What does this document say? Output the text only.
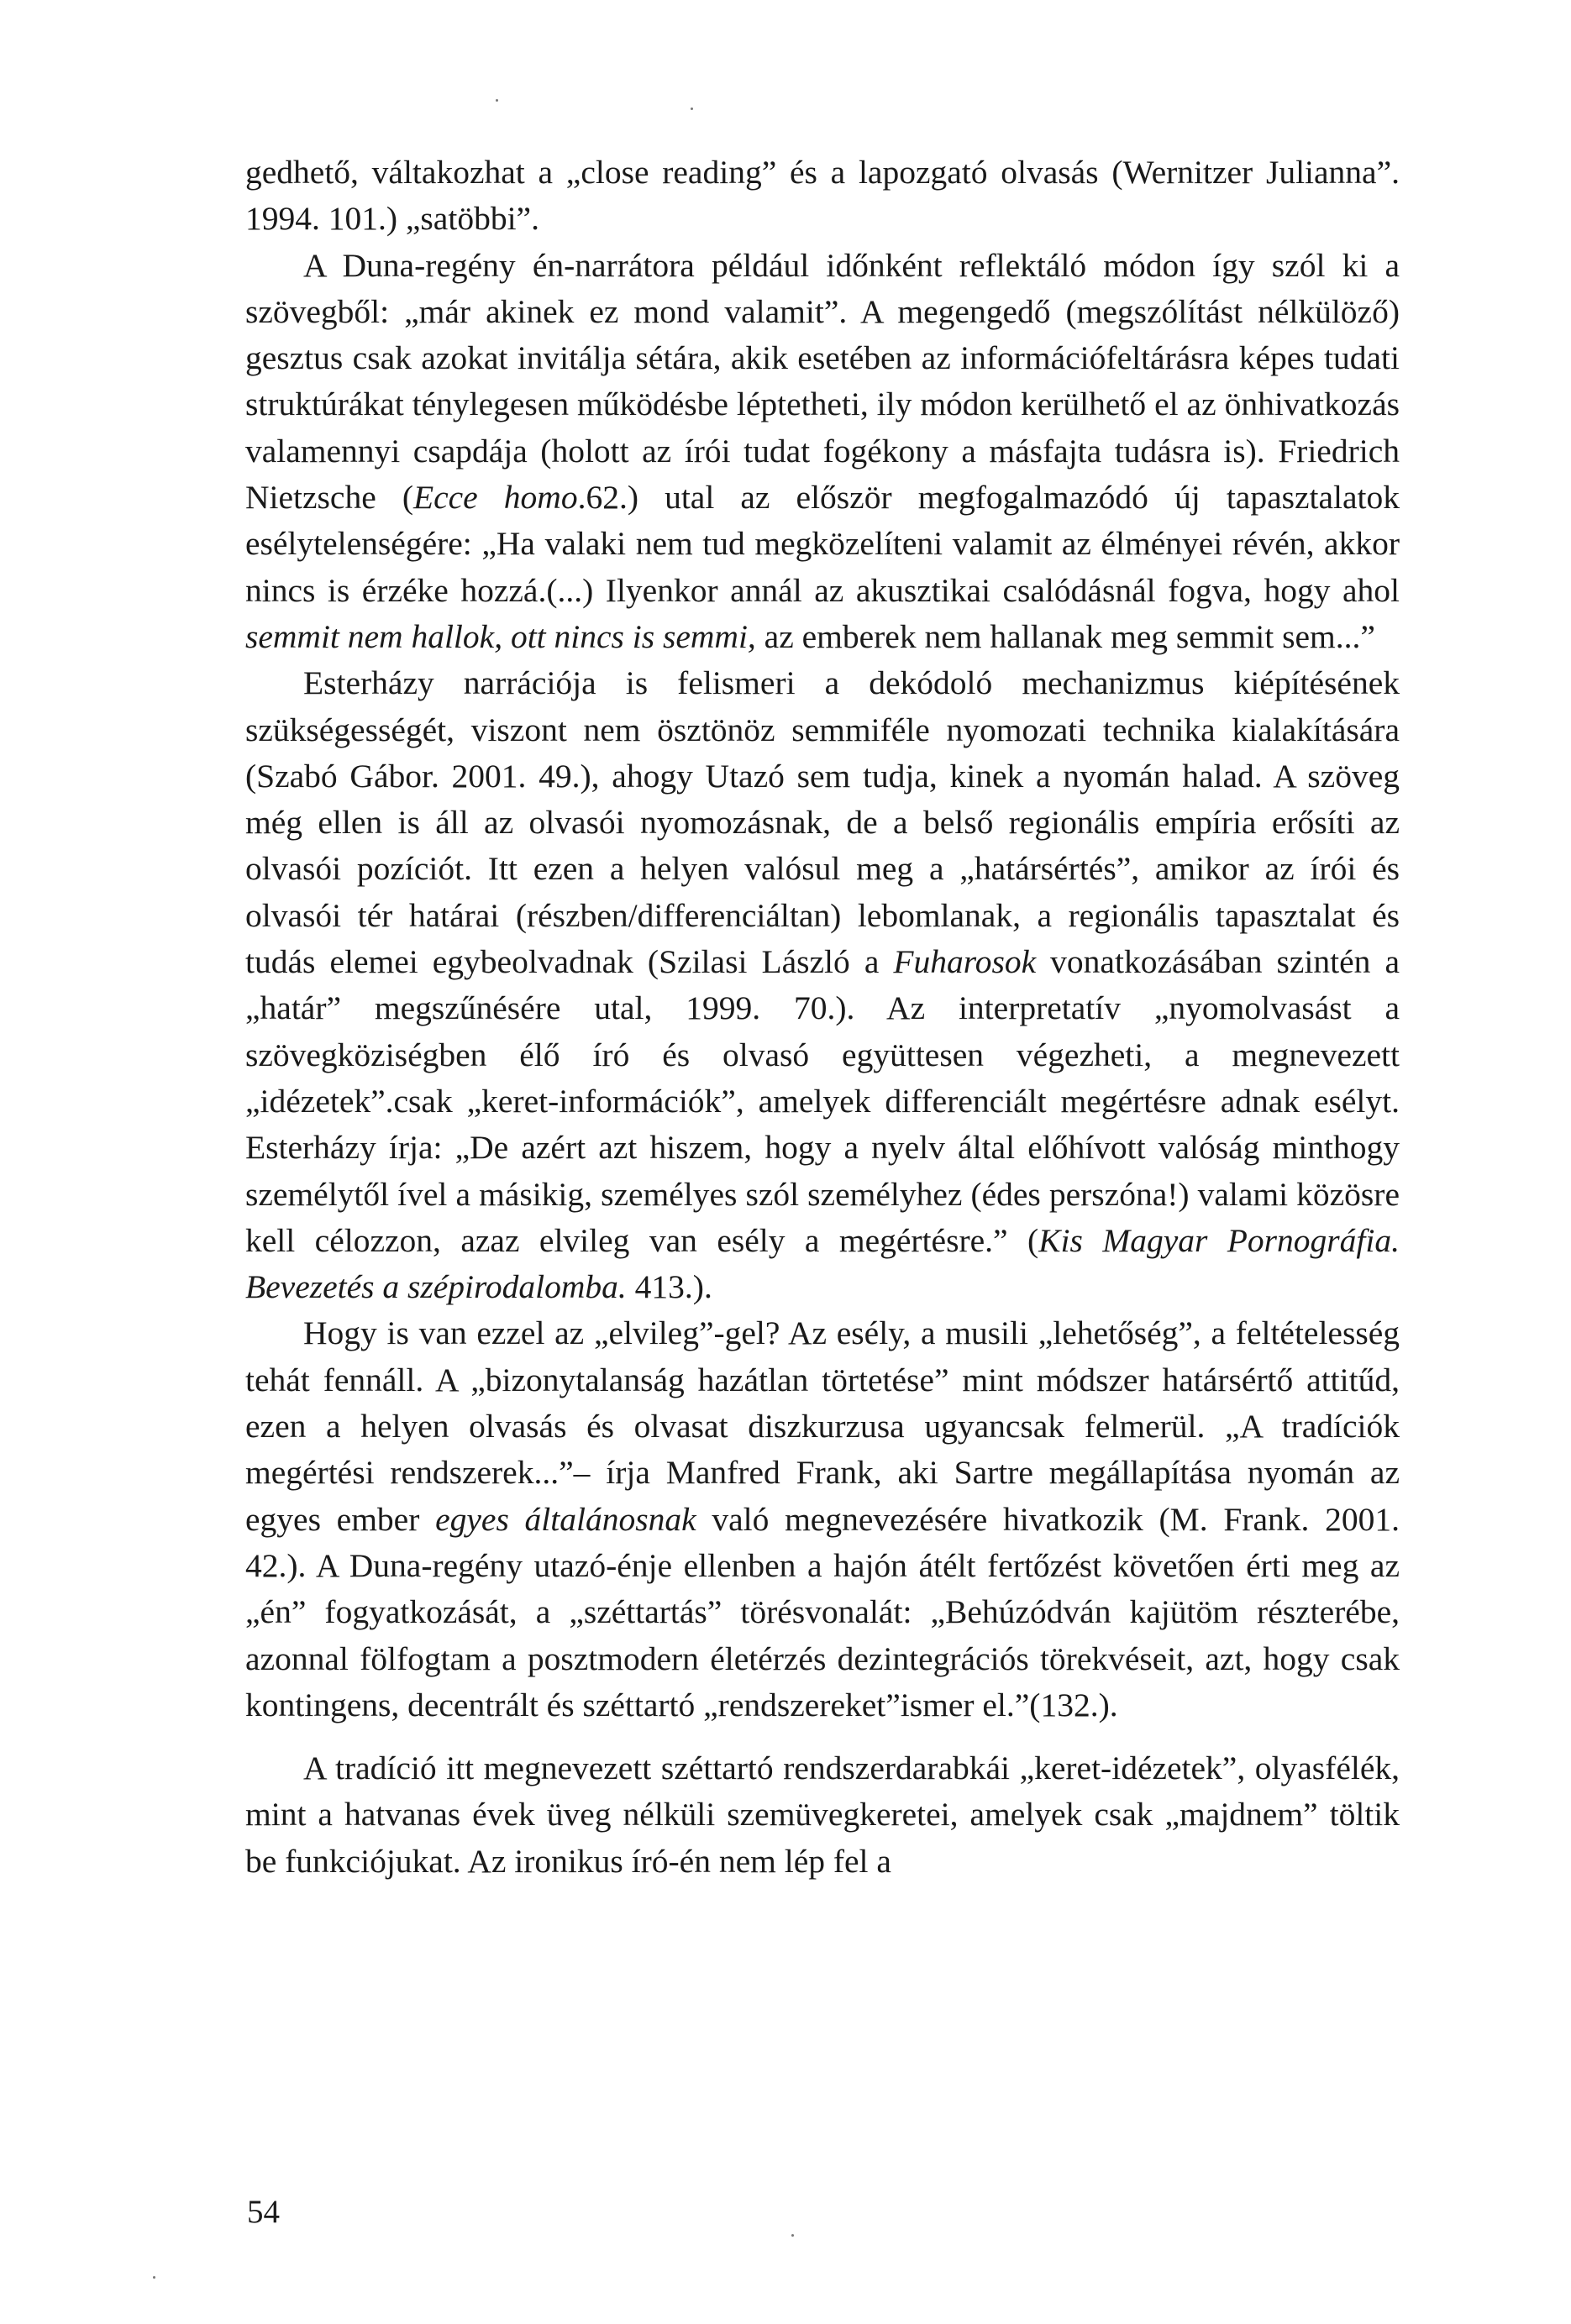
gedhető, váltakozhat a „close reading” és a lapozgató olvasás (Wernitzer Julianna”. 1994. 101.) „satöbbi”.

A Duna-regény én-narrátora például időnként reflektáló módon így szól ki a szövegből: „már akinek ez mond valamit”. A megengedő (megszólítást nélkülöző) gesztus csak azokat invitálja sétára, akik esetében az információfeltárásra képes tudati struktúrákat ténylegesen működésbe léptetheti, ily módon kerülhető el az önhivatkozás valamennyi csapdája (holott az írói tudat fogékony a másfajta tudásra is). Friedrich Nietzsche (Ecce homo.62.) utal az először megfogalmazódó új tapasztalatok esélytelenségére: „Ha valaki nem tud megközelíteni valamit az élményei révén, akkor nincs is érzéke hozzá.(...) Ilyenkor annál az akusztikai csalódásnál fogva, hogy ahol semmit nem hallok, ott nincs is semmi, az emberek nem hallanak meg semmit sem...”

Esterházy narrációja is felismeri a dekódoló mechanizmus kiépítésének szükségességét, viszont nem ösztönöz semmiféle nyomozati technika kialakítására (Szabó Gábor. 2001. 49.), ahogy Utazó sem tudja, kinek a nyomán halad. A szöveg még ellen is áll az olvasói nyomozásnak, de a belső regionális empíria erősíti az olvasói pozíciót. Itt ezen a helyen valósul meg a „határsértés”, amikor az írói és olvasói tér határai (részben/differenciáltan) lebomlanak, a regionális tapasztalat és tudás elemei egybeolvadnak (Szilasi László a Fuharosok vonatkozásában szintén a „határ” megszűnésére utal, 1999. 70.). Az interpretatív „nyomolvasást a szövegköziségben élő író és olvasó együttesen végezheti, a megnevezett „idézetek”.csak „keret-információk”, amelyek differenciált megértésre adnak esélyt. Esterházy írja: „De azért azt hiszem, hogy a nyelv által előhívott valóság minthogy személytől ível a másikig, személyes szól személyhez (édes perszóna!) valami közösre kell célozzon, azaz elvileg van esély a megértésre.” (Kis Magyar Pornográfia. Bevezetés a szépirodalomba. 413.).

Hogy is van ezzel az „elvileg”-gel? Az esély, a musili „lehetőség”, a feltételesség tehát fennáll. A „bizonytalanság hazátlan törtetése” mint módszer határsértő attitűd, ezen a helyen olvasás és olvasat diszkurzusa ugyancsak felmerül. „A tradíciók megértési rendszerek...”– írja Manfred Frank, aki Sartre megállapítása nyomán az egyes ember egyes általánosnak való megnevezésére hivatkozik (M. Frank. 2001. 42.). A Duna-regény utazó-énje ellenben a hajón átélt fertőzést követően érti meg az „én” fogyatkozását, a „széttartás” törésvonalát: „Behúzódván kajütöm részterébe, azonnal fölfogtam a posztmodern életérzés dezintegrációs törekvéseit, azt, hogy csak kontingens, decentrált és széttartó „rendszereket”ismer el.”(132.).

A tradíció itt megnevezett széttartó rendszerdarabkái „keret-idézetek”, olyasfélék, mint a hatvanas évek üveg nélküli szemüvegkeretei, amelyek csak „majdnem” töltik be funkciójukat. Az ironikus író-én nem lép fel a

54
